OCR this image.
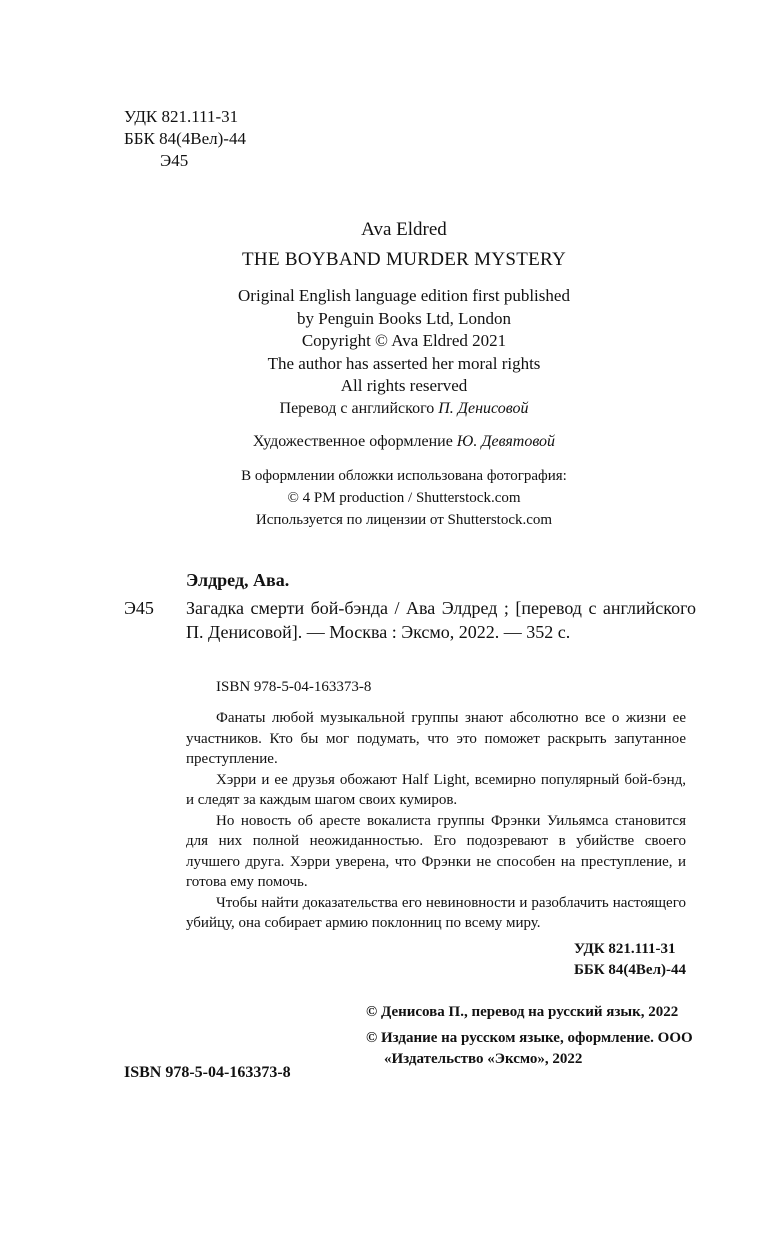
УДК 821.111-31
ББК 84(4Вел)-44
Э45
Ava Eldred
THE BOYBAND MURDER MYSTERY
Original English language edition first published
by Penguin Books Ltd, London
Copyright © Ava Eldred 2021
The author has asserted her moral rights
All rights reserved
Перевод с английского П. Денисовой
Художественное оформление Ю. Девятовой
В оформлении обложки использована фотография:
© 4 PM production / Shutterstock.com
Используется по лицензии от Shutterstock.com
Элдред, Ава.
Э45 Загадка смерти бой-бэнда / Ава Элдред ; [перевод с английского П. Денисовой]. — Москва : Эксмо, 2022. — 352 с.
ISBN 978-5-04-163373-8

Фанаты любой музыкальной группы знают абсолютно все о жизни ее участников. Кто бы мог подумать, что это поможет раскрыть запутанное преступление.

Хэрри и ее друзья обожают Half Light, всемирно популярный бой-бэнд, и следят за каждым шагом своих кумиров.

Но новость об аресте вокалиста группы Фрэнки Уильямса становится для них полной неожиданностью. Его подозревают в убийстве своего лучшего друга. Хэрри уверена, что Фрэнки не способен на преступление, и готова ему помочь.

Чтобы найти доказательства его невиновности и разоблачить настоящего убийцу, она собирает армию поклонниц по всему миру.

УДК 821.111-31
ББК 84(4Вел)-44

© Денисова П., перевод на русский язык, 2022

© Издание на русском языке, оформление. ООО «Издательство «Эксмо», 2022

ISBN 978-5-04-163373-8
